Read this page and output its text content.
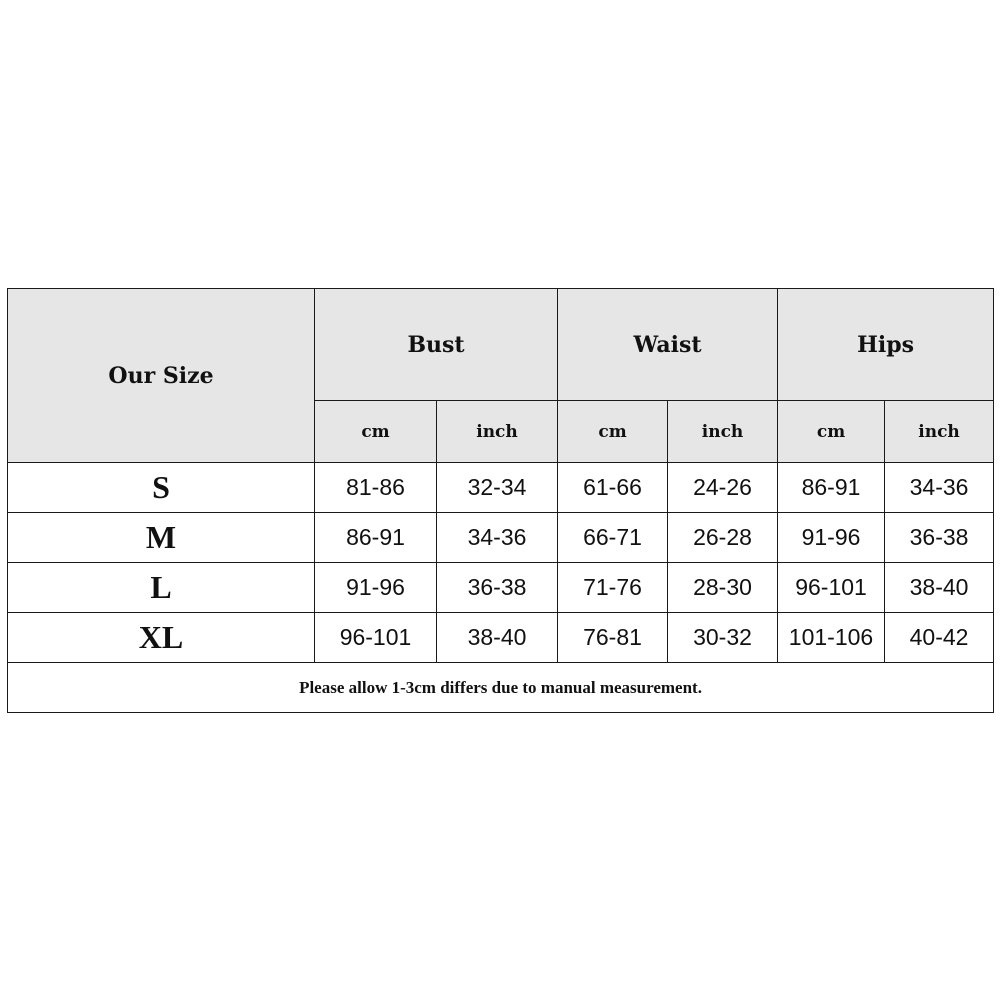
Our Size	Bust		Waist		Hips	
	cm	inch	cm	inch	cm	inch
S	81-86	32-34	61-66	24-26	86-91	34-36
M	86-91	34-36	66-71	26-28	91-96	36-38
L	91-96	36-38	71-76	28-30	96-101	38-40
XL	96-101	38-40	76-81	30-32	101-106	40-42
Please allow 1-3cm differs due to manual measurement.						
